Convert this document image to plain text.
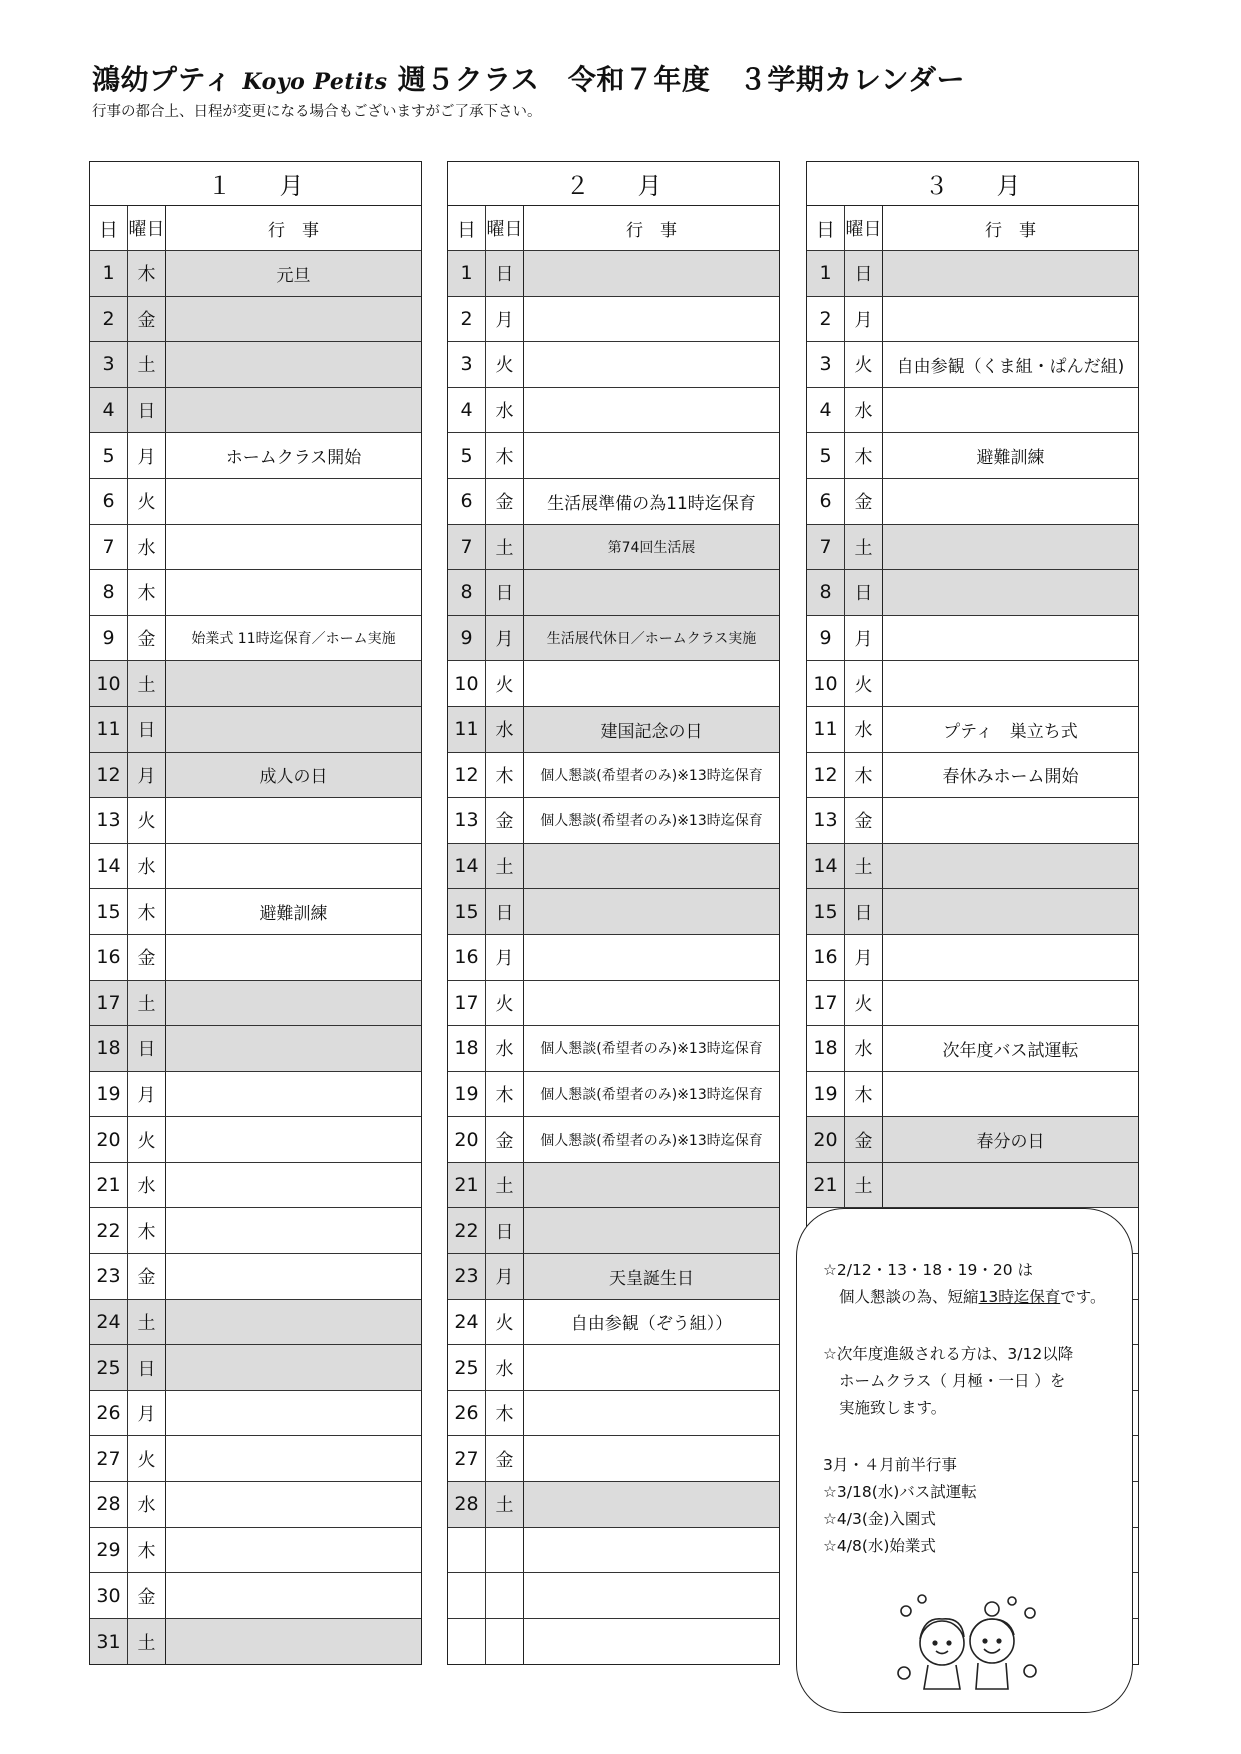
鴻幼プティ Koyo Petits 週５クラス　令和７年度　３学期カレンダー
行事の都合上、日程が変更になる場合もございますがご了承下さい。
１　　月
日 曜日	行　事
1	木	元旦
2	金
3	土
4	日
5	月	ホームクラス開始
6	火
7	水
8	木
9	金	始業式 11時迄保育／ホーム実施
10 土
11 日
12 月	成人の日
13 火
14 水
15 木	避難訓練
16 金
17 土
18 日
19 月
20 火
21 水
22 木
23 金
24 土
25 日
26 月
27 火
28 水
29 木
30 金
31 土
２　　月
日 曜日	行　事
1	日
2	月
3	火
4	水
5	木
6	金	生活展準備の為11時迄保育
7	土	第74回生活展
8	日
9	月	生活展代休日／ホームクラス実施
10 火
11 水	建国記念の日
12 木	個人懇談(希望者のみ)※13時迄保育
13 金	個人懇談(希望者のみ)※13時迄保育
14 土
15 日
16 月
17 火
18 水	個人懇談(希望者のみ)※13時迄保育
19 木	個人懇談(希望者のみ)※13時迄保育
20 金	個人懇談(希望者のみ)※13時迄保育
21 土
22 日
23 月	天皇誕生日
24 火	自由参観（ぞう組））
25 水
26 木
27 金
28 土
３　　月
日 曜日	行　事
1	日
2	月
3	火	自由参観（くま組・ぱんだ組)
4	水
5	木	避難訓練
6	金
7	土
8	日
9	月
10 火
11 水	プティ　巣立ち式
12 木	春休みホーム開始
13 金
14 土
15 日
16 月
17 火
18 水	次年度バス試運転
19 木
20 金	春分の日
21 土
☆2/12・13・18・19・20 は
個人懇談の為、短縮13時迄保育です。
☆次年度進級される方は、3/12以降
ホームクラス（ 月極・一日 ）を
実施致します。
3月・４月前半行事
☆3/18(水)バス試運転
☆4/3(金)入園式
☆4/8(水)始業式
